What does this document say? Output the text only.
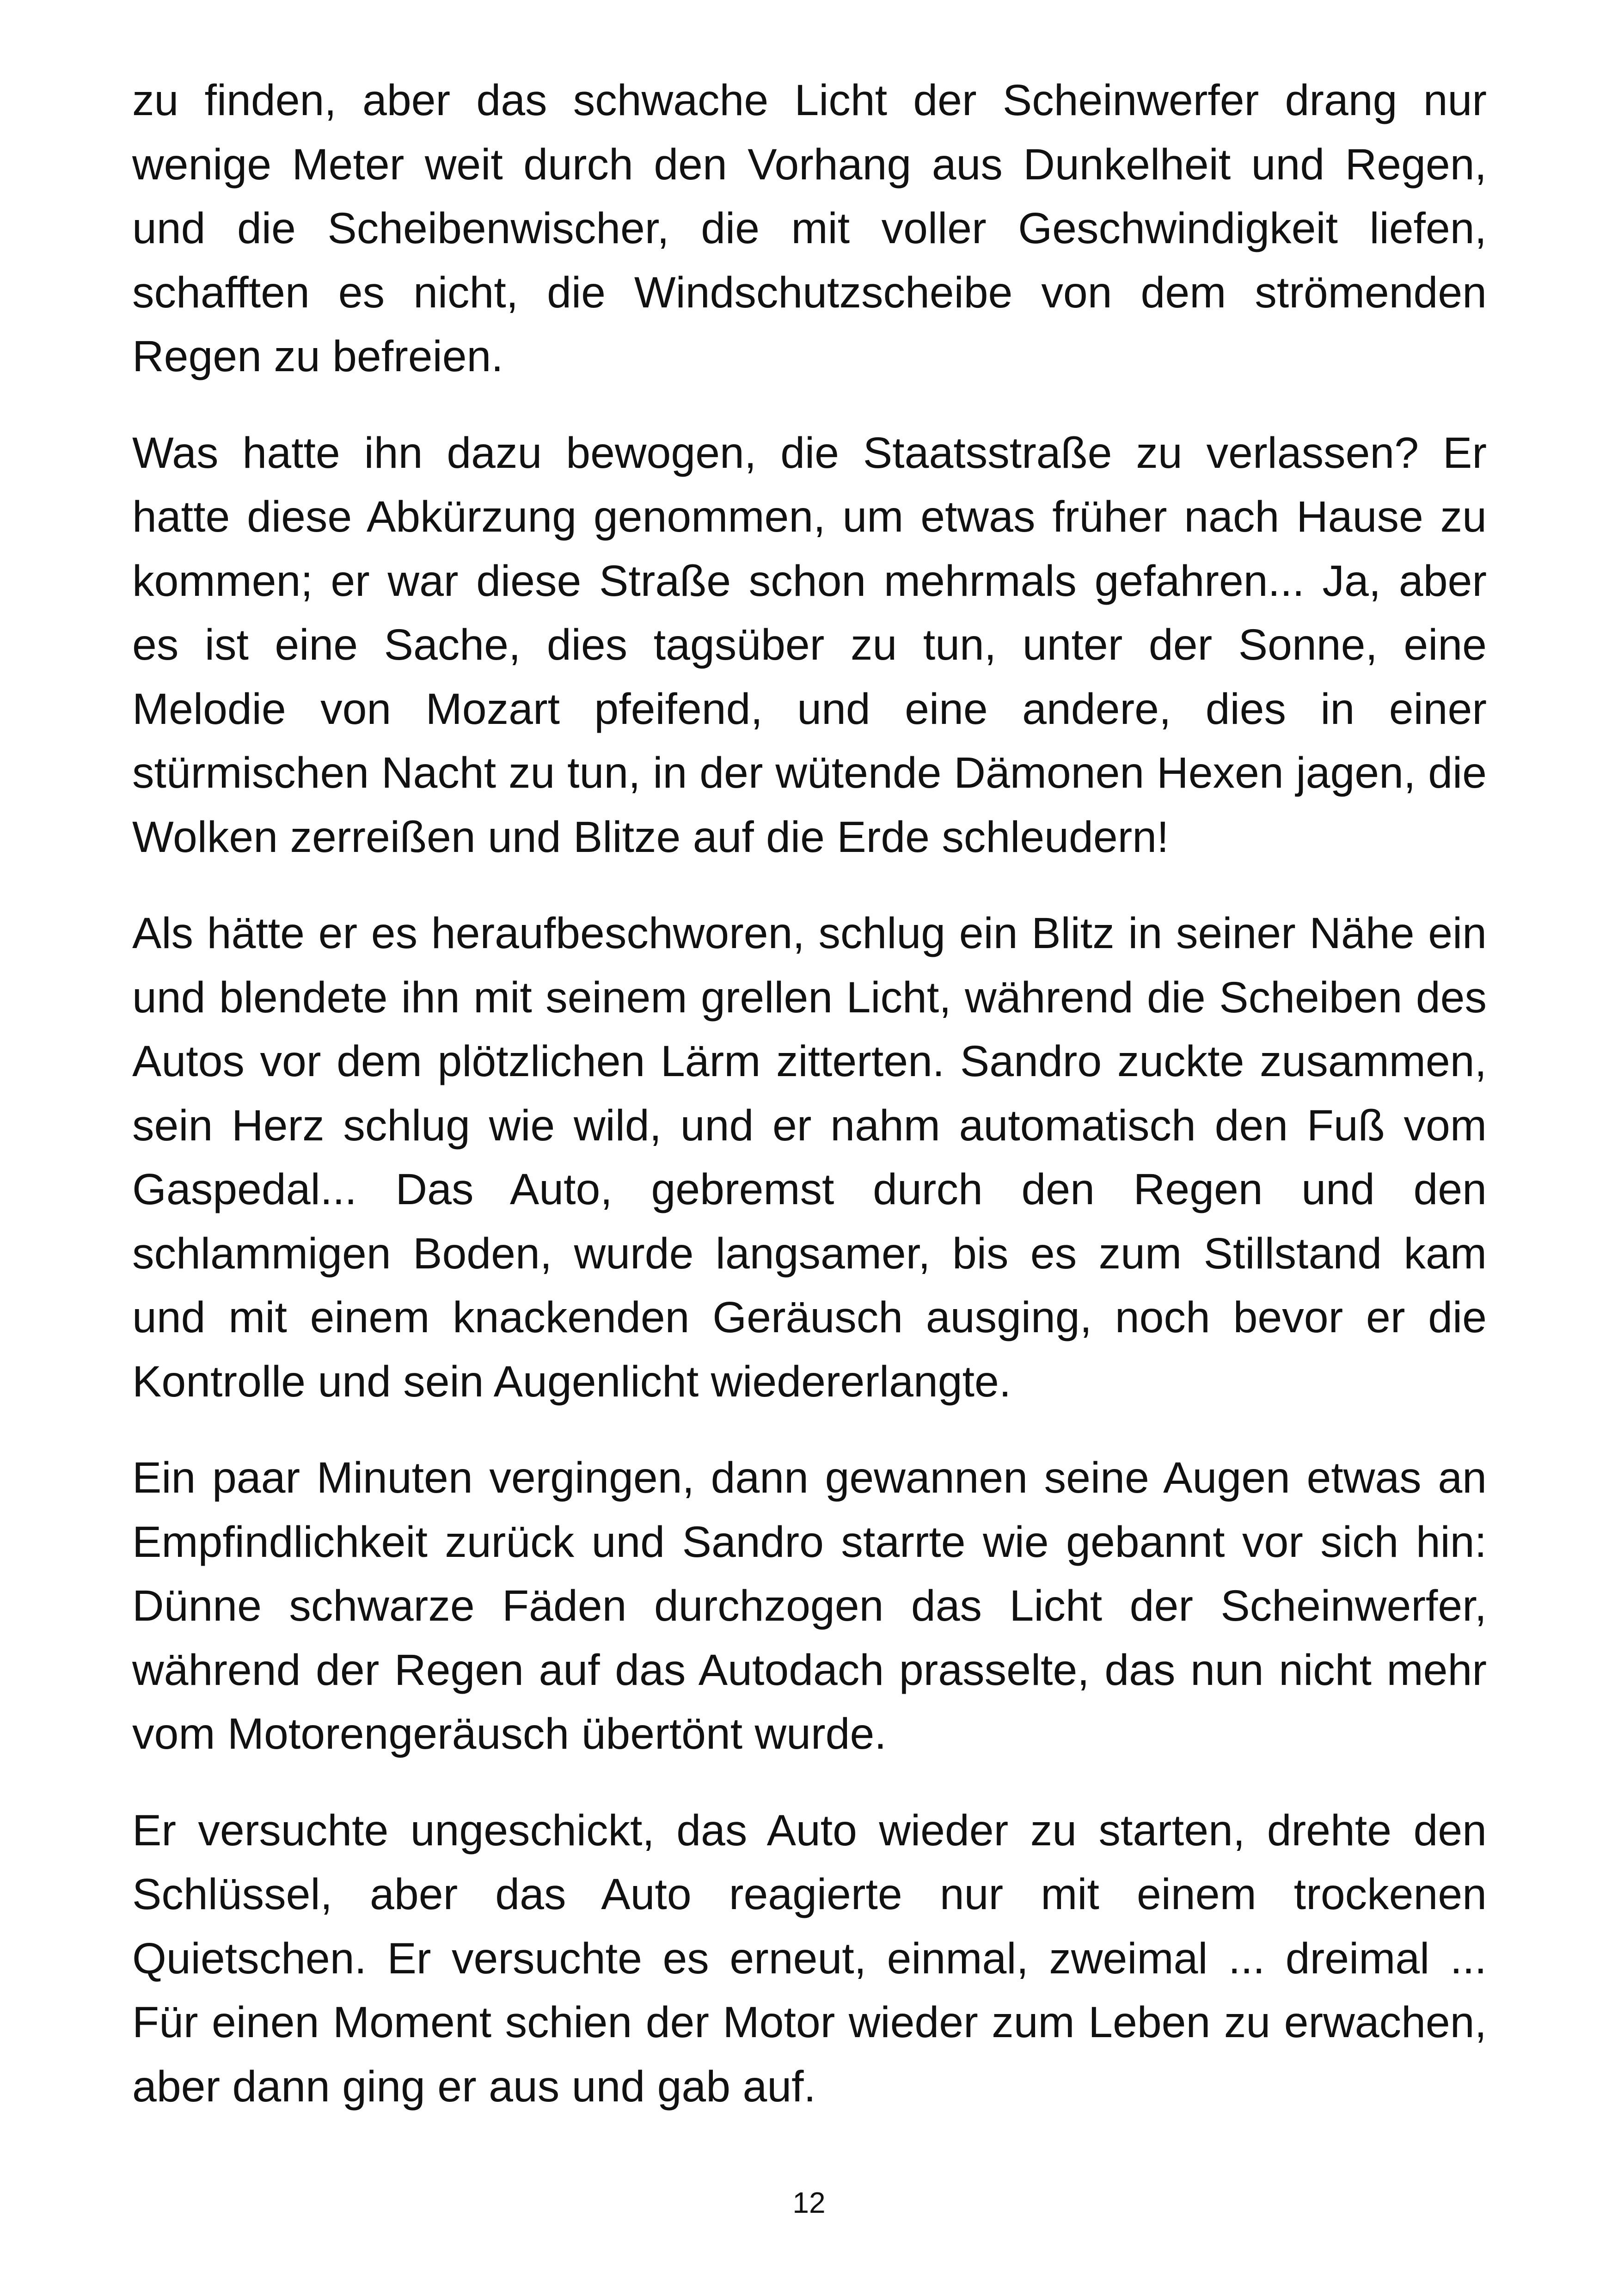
zu finden, aber das schwache Licht der Scheinwerfer drang nur wenige Meter weit durch den Vorhang aus Dunkelheit und Regen, und die Scheibenwischer, die mit voller Geschwindigkeit liefen, schafften es nicht, die Windschutzscheibe von dem strömenden Regen zu befreien.

Was hatte ihn dazu bewogen, die Staatsstraße zu verlassen? Er hatte diese Abkürzung genommen, um etwas früher nach Hause zu kommen; er war diese Straße schon mehrmals gefahren... Ja, aber es ist eine Sache, dies tagsüber zu tun, unter der Sonne, eine Melodie von Mozart pfeifend, und eine andere, dies in einer stürmischen Nacht zu tun, in der wütende Dämonen Hexen jagen, die Wolken zerreißen und Blitze auf die Erde schleudern!

Als hätte er es heraufbeschworen, schlug ein Blitz in seiner Nähe ein und blendete ihn mit seinem grellen Licht, während die Scheiben des Autos vor dem plötzlichen Lärm zitterten. Sandro zuckte zusammen, sein Herz schlug wie wild, und er nahm automatisch den Fuß vom Gaspedal... Das Auto, gebremst durch den Regen und den schlammigen Boden, wurde langsamer, bis es zum Stillstand kam und mit einem knackenden Geräusch ausging, noch bevor er die Kontrolle und sein Augenlicht wiedererlangte.

Ein paar Minuten vergingen, dann gewannen seine Augen etwas an Empfindlichkeit zurück und Sandro starrte wie gebannt vor sich hin: Dünne schwarze Fäden durchzogen das Licht der Scheinwerfer, während der Regen auf das Autodach prasselte, das nun nicht mehr vom Motorengeräusch übertönt wurde.

Er versuchte ungeschickt, das Auto wieder zu starten, drehte den Schlüssel, aber das Auto reagierte nur mit einem trockenen Quietschen. Er versuchte es erneut, einmal, zweimal ... dreimal ... Für einen Moment schien der Motor wieder zum Leben zu erwachen, aber dann ging er aus und gab auf.

12
